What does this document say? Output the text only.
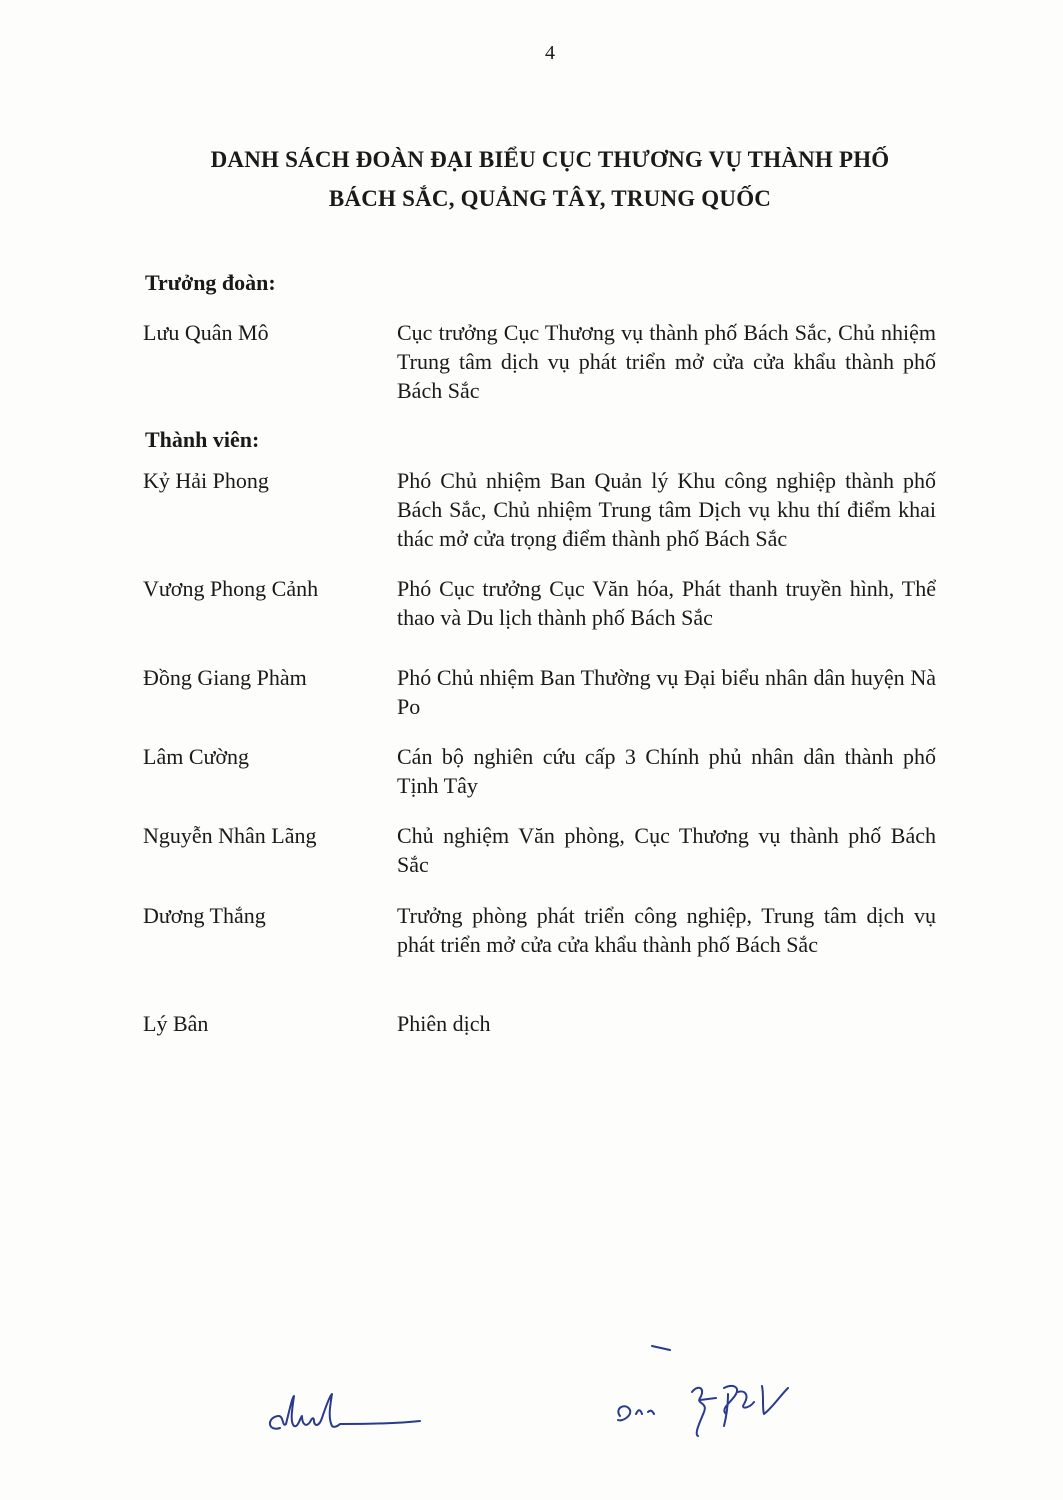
4
DANH SÁCH ĐOÀN ĐẠI BIỂU CỤC THƯƠNG VỤ THÀNH PHỐ
BÁCH SẮC, QUẢNG TÂY, TRUNG QUỐC
Trưởng đoàn:
Lưu Quân Mô	Cục trưởng Cục Thương vụ thành phố Bách Sắc, Chủ nhiệm Trung tâm dịch vụ phát triển mở cửa cửa khẩu thành phố Bách Sắc
Thành viên:
Kỷ Hải Phong	Phó Chủ nhiệm Ban Quản lý Khu công nghiệp thành phố Bách Sắc, Chủ nhiệm Trung tâm Dịch vụ khu thí điểm khai thác mở cửa trọng điểm thành phố Bách Sắc
Vương Phong Cảnh	Phó Cục trưởng Cục Văn hóa, Phát thanh truyền hình, Thể thao và Du lịch thành phố Bách Sắc
Đồng Giang Phàm	Phó Chủ nhiệm Ban Thường vụ Đại biểu nhân dân huyện Nà Po
Lâm Cường	Cán bộ nghiên cứu cấp 3 Chính phủ nhân dân thành phố Tịnh Tây
Nguyễn Nhân Lãng	Chủ nghiệm Văn phòng, Cục Thương vụ thành phố Bách Sắc
Dương Thắng	Trưởng phòng phát triển công nghiệp, Trung tâm dịch vụ phát triển mở cửa cửa khẩu thành phố Bách Sắc
Lý Bân	Phiên dịch
